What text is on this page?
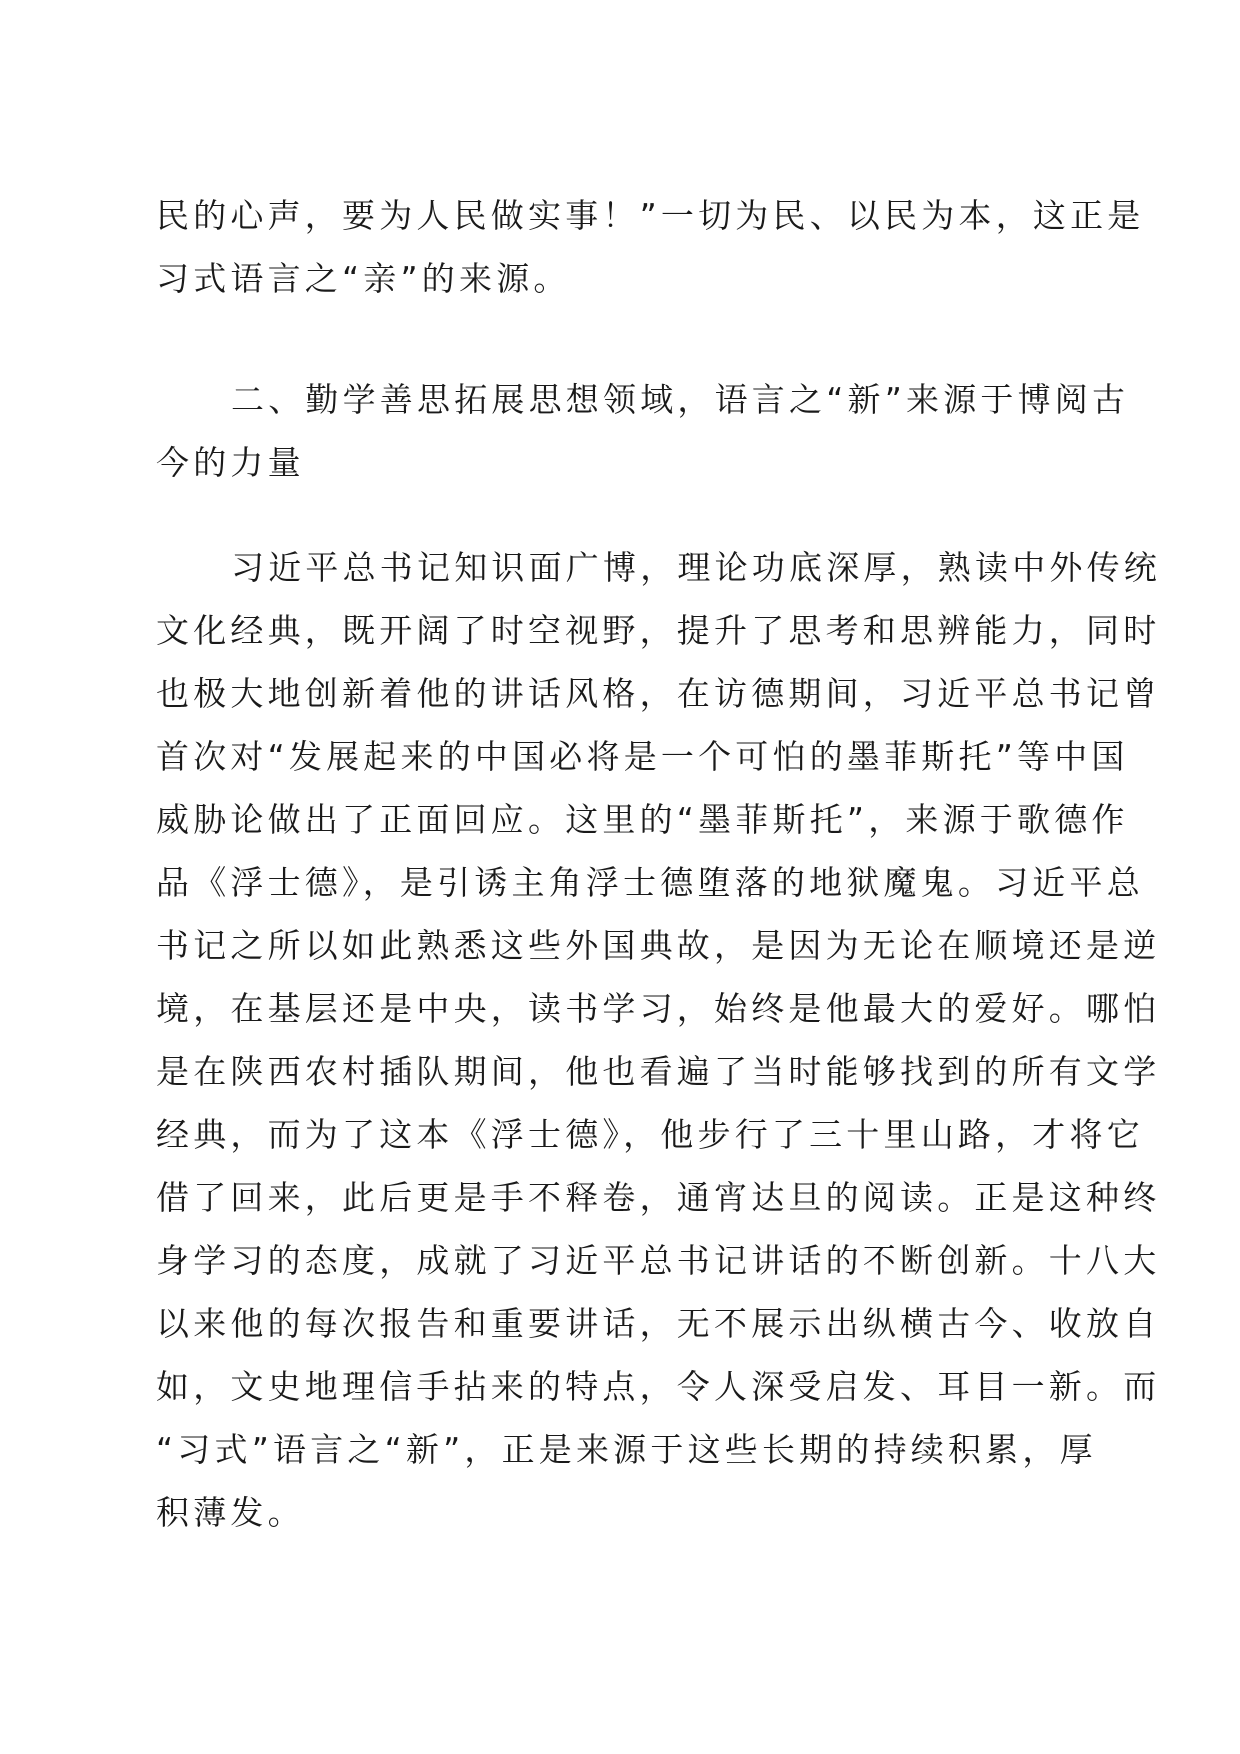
民的心声，要为人民做实事！”一切为民、以民为本，这正是
习式语言之“亲”的来源。
二、勤学善思拓展思想领域，语言之“新”来源于博阅古
今的力量
习近平总书记知识面广博，理论功底深厚，熟读中外传统
文化经典，既开阔了时空视野，提升了思考和思辨能力，同时
也极大地创新着他的讲话风格，在访德期间，习近平总书记曾
首次对“发展起来的中国必将是一个可怕的墨菲斯托”等中国
威胁论做出了正面回应。这里的“墨菲斯托”，来源于歌德作
品《浮士德》，是引诱主角浮士德堕落的地狱魔鬼。习近平总
书记之所以如此熟悉这些外国典故，是因为无论在顺境还是逆
境，在基层还是中央，读书学习，始终是他最大的爱好。哪怕
是在陕西农村插队期间，他也看遍了当时能够找到的所有文学
经典，而为了这本《浮士德》，他步行了三十里山路，才将它
借了回来，此后更是手不释卷，通宵达旦的阅读。正是这种终
身学习的态度，成就了习近平总书记讲话的不断创新。十八大
以来他的每次报告和重要讲话，无不展示出纵横古今、收放自
如，文史地理信手拈来的特点，令人深受启发、耳目一新。而
“习式”语言之“新”，正是来源于这些长期的持续积累，厚
积薄发。
